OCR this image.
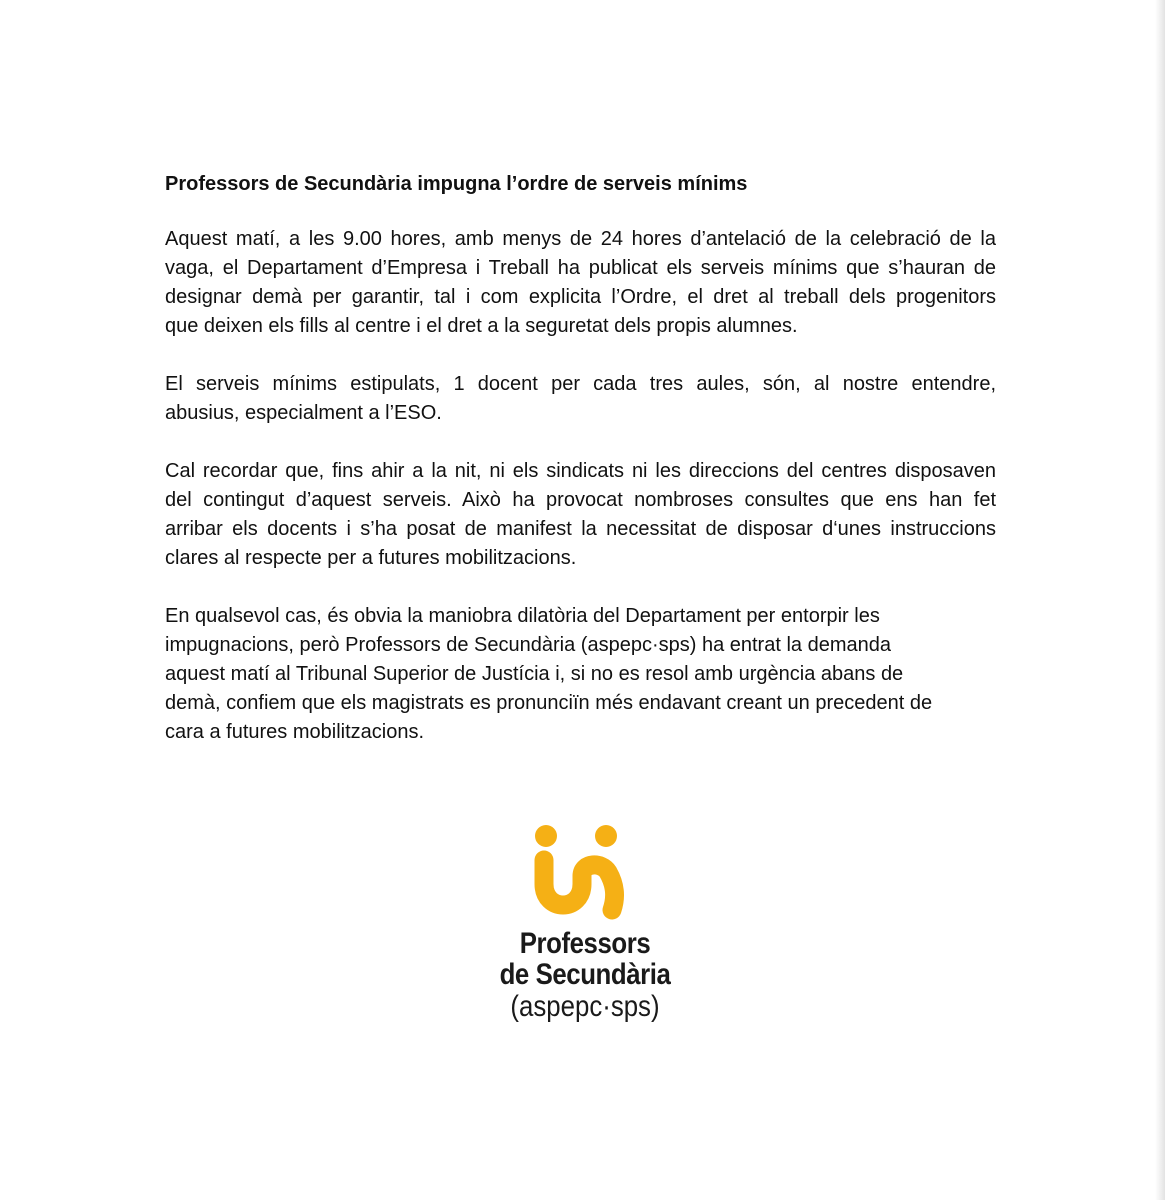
Professors de Secundària impugna l’ordre de serveis mínims
Aquest matí, a les 9.00 hores, amb menys de 24 hores d’antelació de la celebració de la
vaga, el Departament d’Empresa i Treball ha publicat els serveis mínims que s’hauran de
designar demà per garantir, tal i com explicita l’Ordre, el dret al treball dels progenitors
que deixen els fills al centre i el dret a la seguretat dels propis alumnes.
El serveis mínims estipulats, 1 docent per cada tres aules, són, al nostre entendre,
abusius, especialment a l’ESO.
Cal recordar que, fins ahir a la nit, ni els sindicats ni les direccions del centres disposaven
del contingut d’aquest serveis. Això ha provocat nombroses consultes que ens han fet
arribar els docents i s’ha posat de manifest la necessitat de disposar d‘unes instruccions
clares al respecte per a futures mobilitzacions.
En qualsevol cas, és obvia la maniobra dilatòria del Departament per entorpir les
impugnacions, però Professors de Secundària (aspepc·sps) ha entrat la demanda
aquest matí al Tribunal Superior de Justícia i, si no es resol amb urgència abans de
demà, confiem que els magistrats es pronunciïn més endavant creant un precedent de
cara a futures mobilitzacions.
Professors
de Secundària
(aspepc·sps)
